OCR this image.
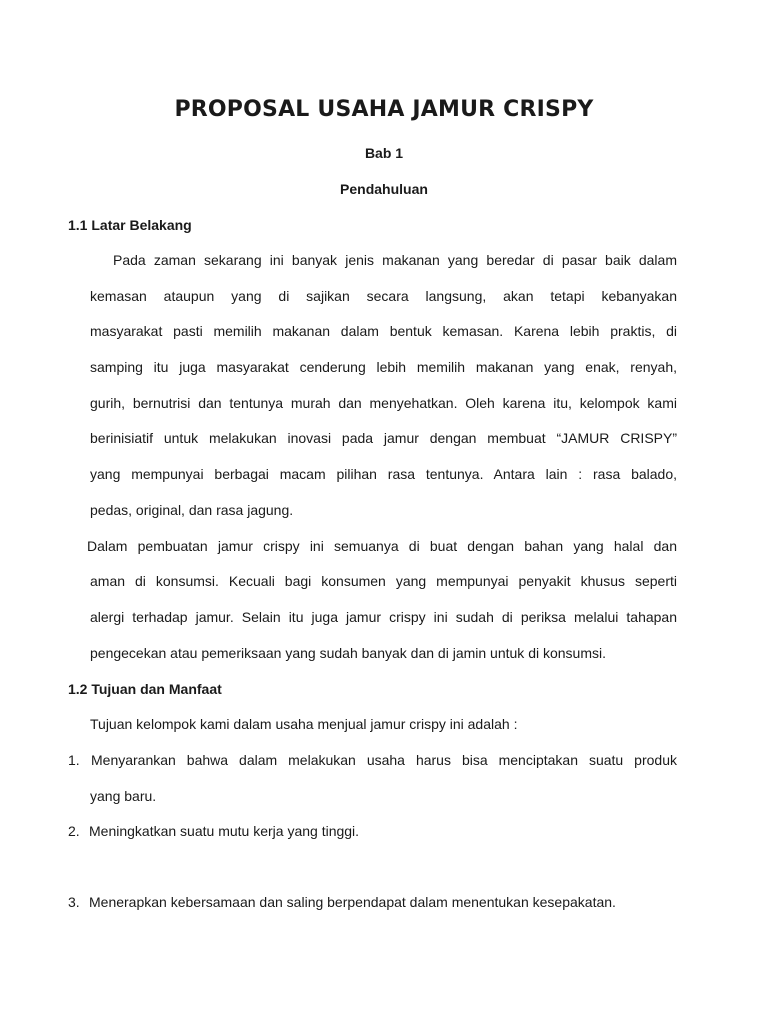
PROPOSAL USAHA JAMUR CRISPY

Bab 1

Pendahuluan

1.1 Latar Belakang

Pada zaman sekarang ini banyak jenis makanan yang beredar di pasar baik dalam

kemasan ataupun yang di sajikan secara langsung, akan tetapi kebanyakan

masyarakat pasti memilih makanan dalam bentuk kemasan. Karena lebih praktis, di

samping itu juga masyarakat cenderung lebih memilih makanan yang enak, renyah,

gurih, bernutrisi dan tentunya murah dan menyehatkan. Oleh karena itu, kelompok kami

berinisiatif untuk melakukan inovasi pada jamur dengan membuat “JAMUR CRISPY”

yang mempunyai berbagai macam pilihan rasa tentunya. Antara lain : rasa balado,

pedas, original, dan rasa jagung.

Dalam pembuatan jamur crispy ini semuanya di buat dengan bahan yang halal dan

aman di konsumsi. Kecuali bagi konsumen yang mempunyai penyakit khusus seperti

alergi terhadap jamur. Selain itu juga jamur crispy ini sudah di periksa melalui tahapan

pengecekan atau pemeriksaan yang sudah banyak dan di jamin untuk di konsumsi.

1.2 Tujuan dan Manfaat

Tujuan kelompok kami dalam usaha menjual jamur crispy ini adalah :

1. Menyarankan bahwa dalam melakukan usaha harus bisa menciptakan suatu produk

yang baru.

2. Meningkatkan suatu mutu kerja yang tinggi.

3. Menerapkan kebersamaan dan saling berpendapat dalam menentukan kesepakatan.
